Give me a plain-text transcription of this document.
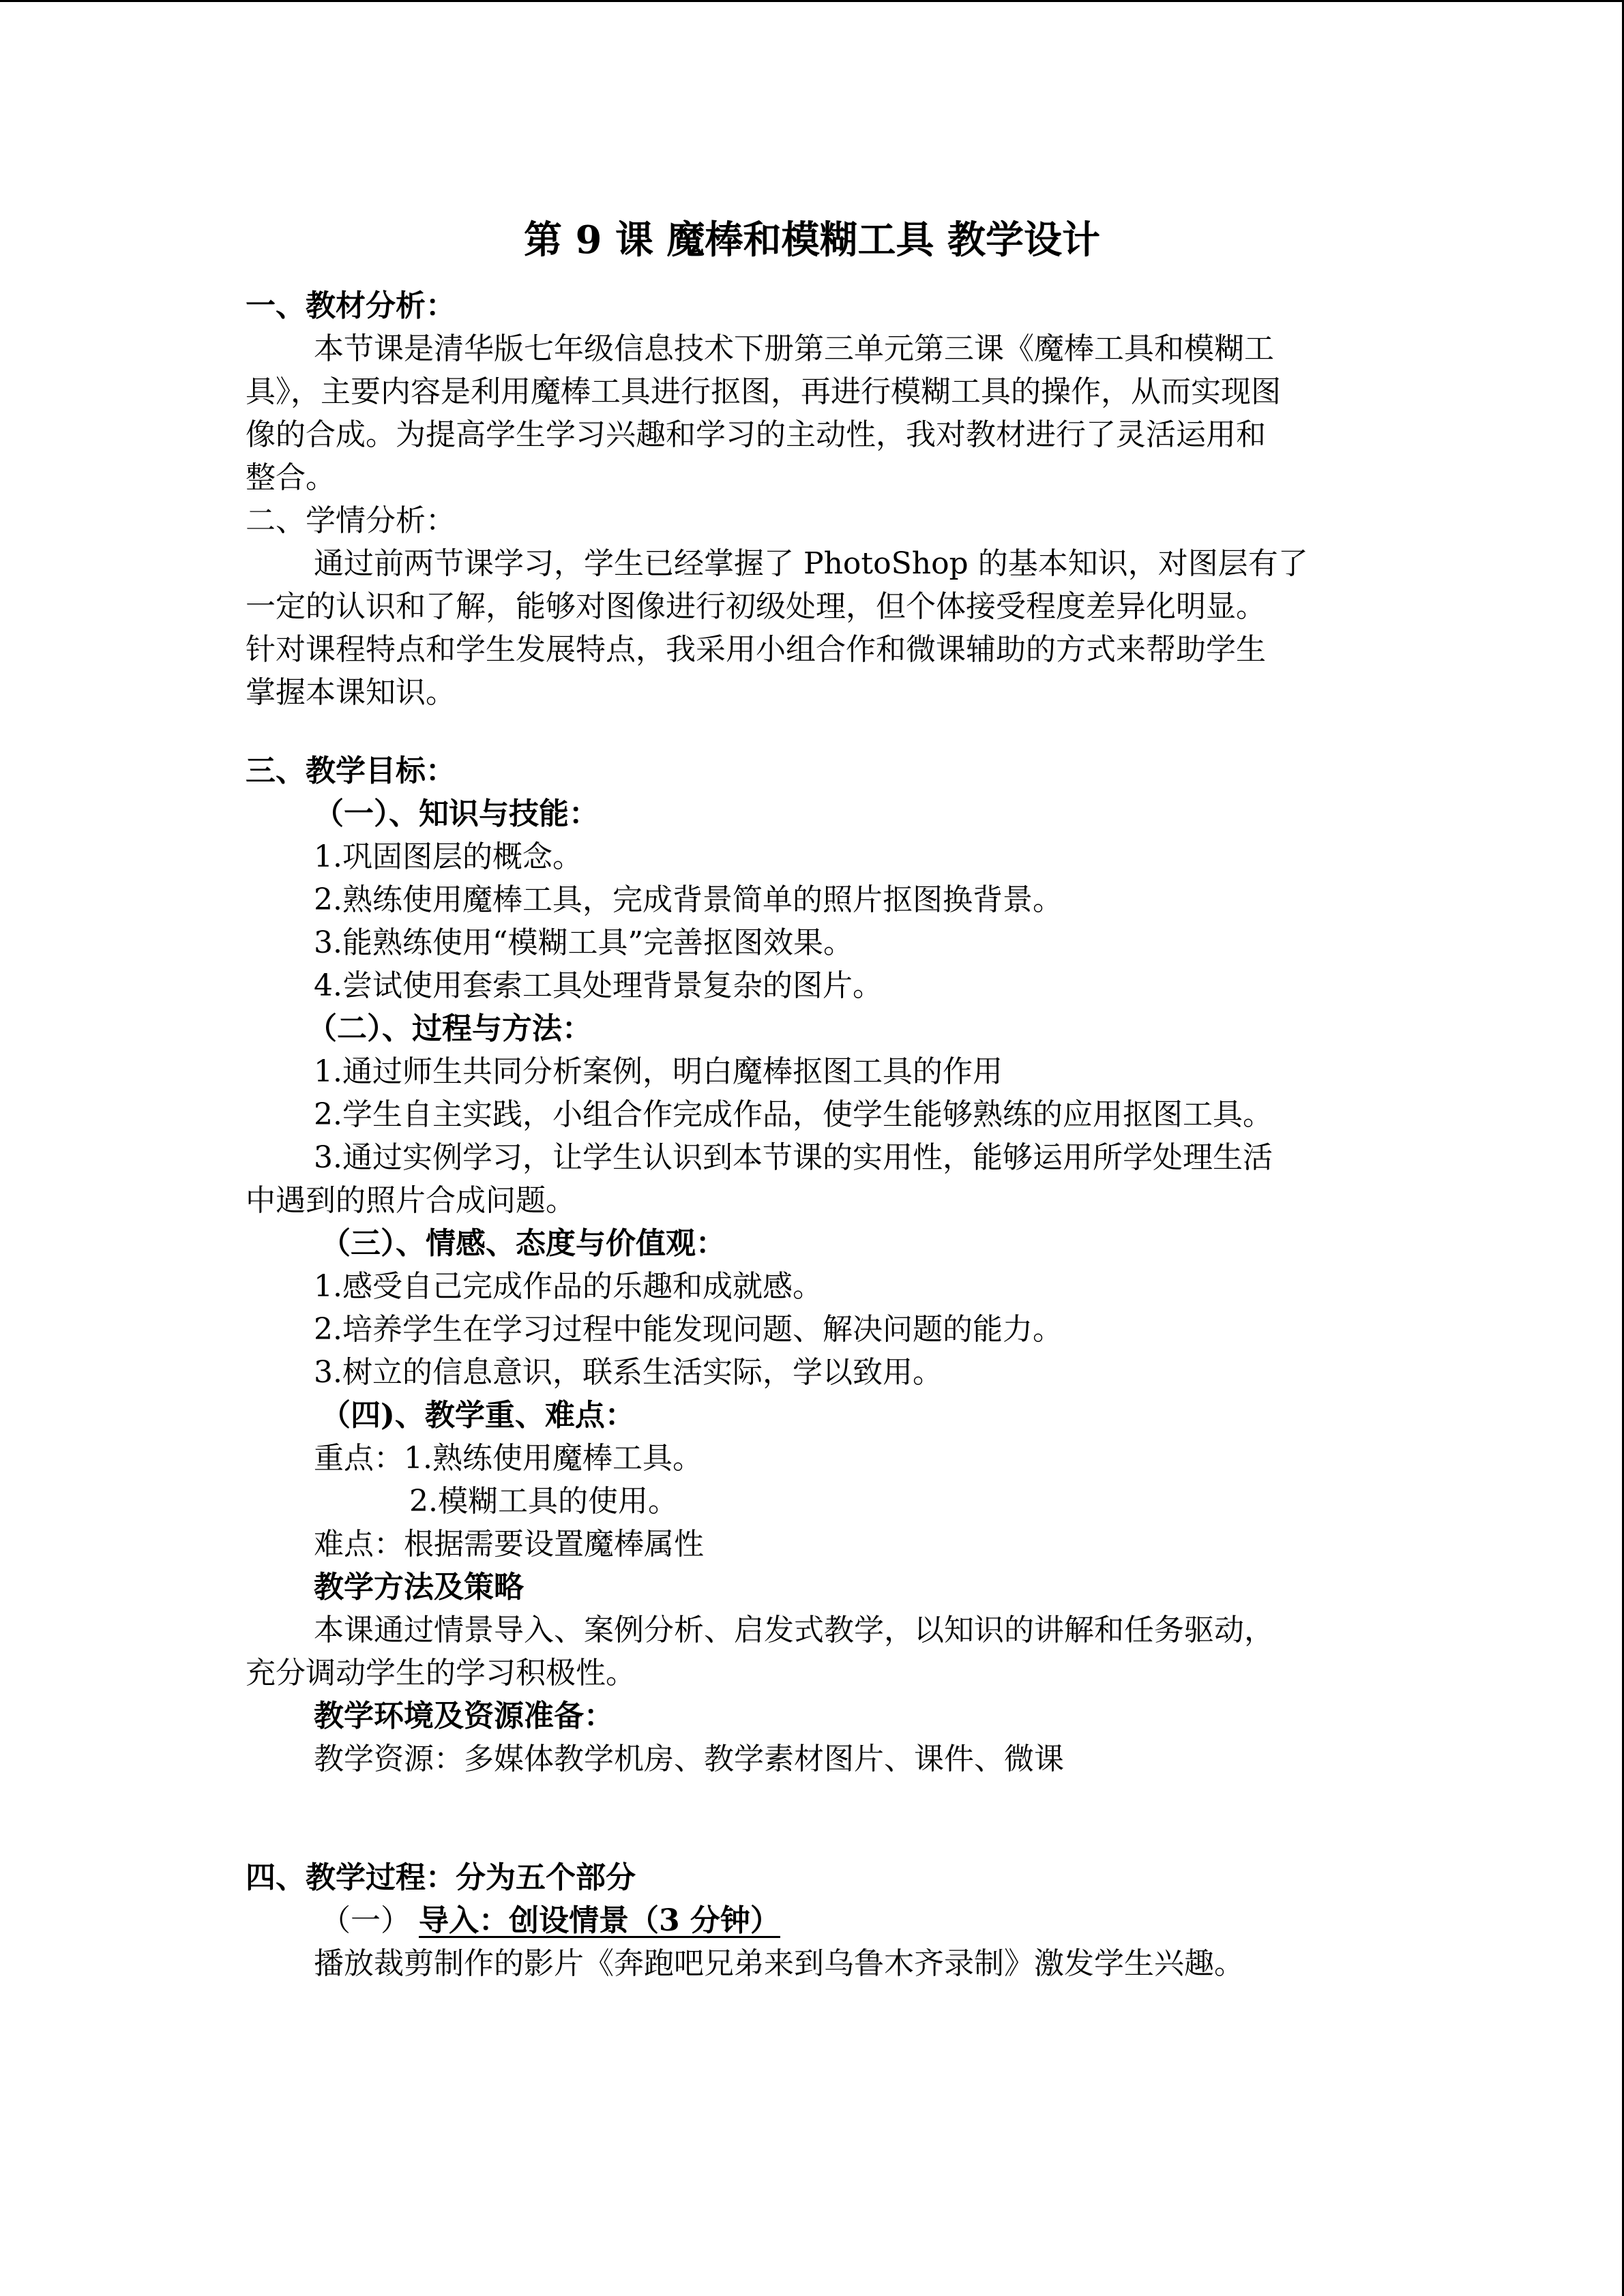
第 9 课 魔棒和模糊工具 教学设计
一、教材分析：
本节课是清华版七年级信息技术下册第三单元第三课《魔棒工具和模糊工
具》，主要内容是利用魔棒工具进行抠图，再进行模糊工具的操作，从而实现图
像的合成。为提高学生学习兴趣和学习的主动性，我对教材进行了灵活运用和
整合。
二、学情分析：
通过前两节课学习，学生已经掌握了 PhotoShop 的基本知识，对图层有了
一定的认识和了解，能够对图像进行初级处理，但个体接受程度差异化明显。
针对课程特点和学生发展特点，我采用小组合作和微课辅助的方式来帮助学生
掌握本课知识。
三、教学目标：
（一）、知识与技能：
1.巩固图层的概念。
2.熟练使用魔棒工具，完成背景简单的照片抠图换背景。
3.能熟练使用“模糊工具”完善抠图效果。
4.尝试使用套索工具处理背景复杂的图片。
（二）、过程与方法：
1.通过师生共同分析案例，明白魔棒抠图工具的作用
2.学生自主实践，小组合作完成作品，使学生能够熟练的应用抠图工具。
3.通过实例学习，让学生认识到本节课的实用性，能够运用所学处理生活
中遇到的照片合成问题。
（三）、情感、态度与价值观：
1.感受自己完成作品的乐趣和成就感。
2.培养学生在学习过程中能发现问题、解决问题的能力。
3.树立的信息意识，联系生活实际，学以致用。
（四)、教学重、难点：
重点：1.熟练使用魔棒工具。
2.模糊工具的使用。
难点：根据需要设置魔棒属性
教学方法及策略
本课通过情景导入、案例分析、启发式教学，以知识的讲解和任务驱动，
充分调动学生的学习积极性。
教学环境及资源准备：
教学资源：多媒体教学机房、教学素材图片、课件、微课
四、教学过程：分为五个部分
（一） 导入：创设情景（3 分钟）
播放裁剪制作的影片《奔跑吧兄弟来到乌鲁木齐录制》激发学生兴趣。
